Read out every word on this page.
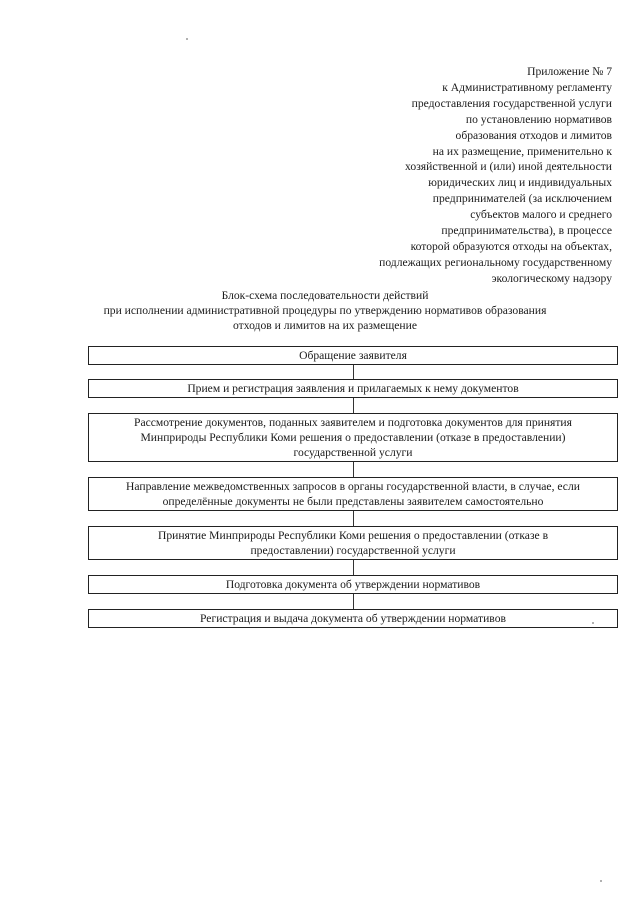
Приложение № 7
к Административному регламенту
предоставления государственной услуги
по установлению нормативов
образования отходов и лимитов
на их размещение, применительно к
хозяйственной и (или) иной деятельности
юридических лиц и индивидуальных
предпринимателей (за исключением
субъектов малого и среднего
предпринимательства), в процессе
которой образуются отходы на объектах,
подлежащих региональному государственному
экологическому надзору
Блок-схема последовательности действий
при исполнении административной процедуры по утверждению нормативов образования
отходов и лимитов на их размещение
Обращение заявителя
Прием и регистрация заявления и прилагаемых к нему документов
Рассмотрение документов, поданных заявителем и подготовка документов для принятия
Минприроды Республики Коми решения о предоставлении (отказе в предоставлении)
государственной услуги
Направление межведомственных запросов в органы государственной власти, в случае, если
определённые документы не были представлены заявителем самостоятельно
Принятие Минприроды Республики Коми решения о предоставлении (отказе в
предоставлении) государственной услуги
Подготовка документа об утверждении нормативов
Регистрация и выдача документа об утверждении нормативов
